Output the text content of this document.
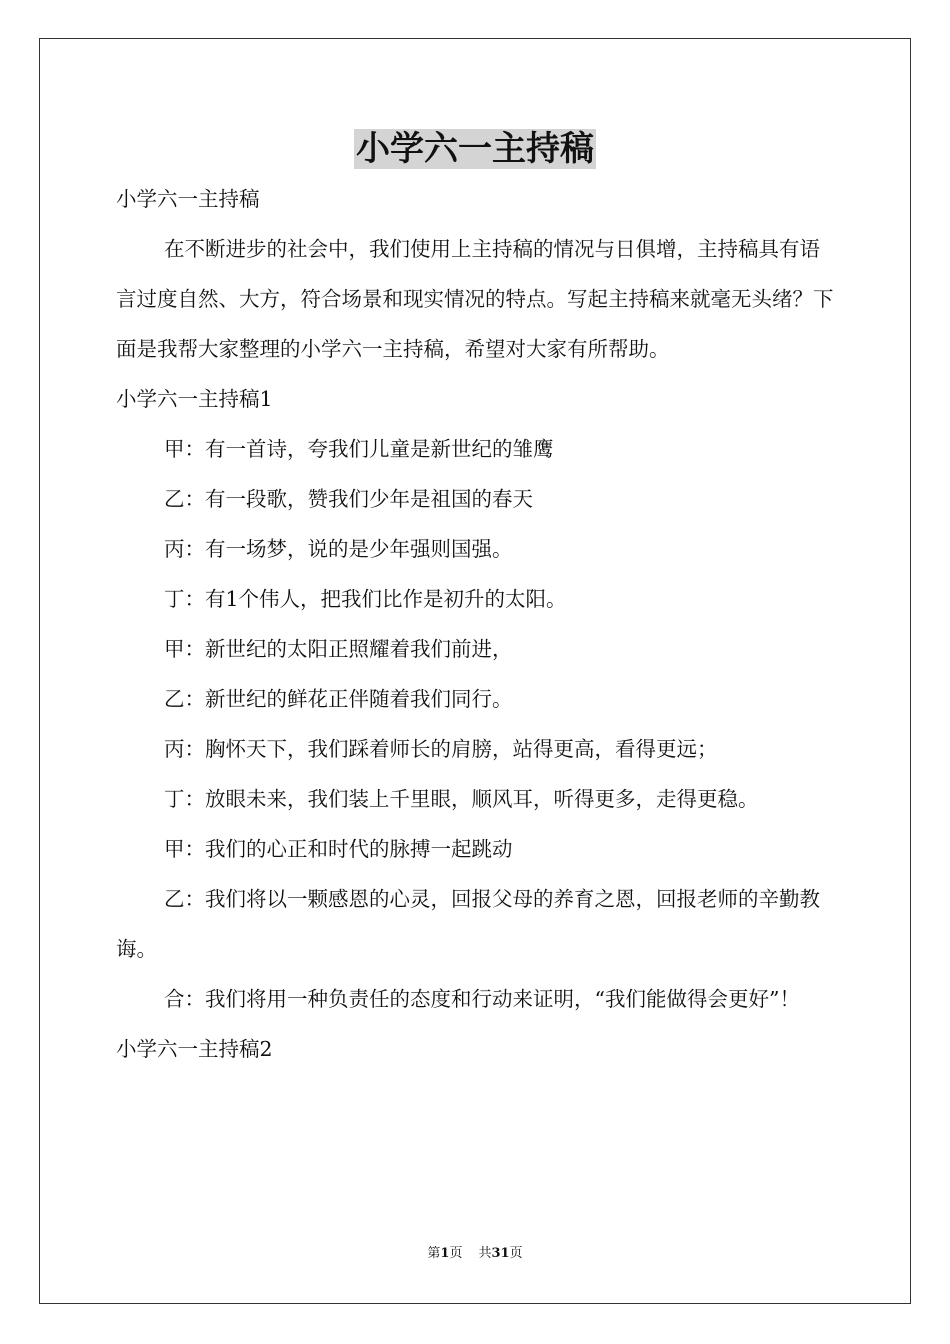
小学六一主持稿

小学六一主持稿

在不断进步的社会中，我们使用上主持稿的情况与日俱增，主持稿具有语言过度自然、大方，符合场景和现实情况的特点。写起主持稿来就毫无头绪？下面是我帮大家整理的小学六一主持稿，希望对大家有所帮助。

小学六一主持稿1

甲：有一首诗，夸我们儿童是新世纪的雏鹰

乙：有一段歌，赞我们少年是祖国的春天

丙：有一场梦，说的是少年强则国强。

丁：有1个伟人，把我们比作是初升的太阳。

甲：新世纪的太阳正照耀着我们前进，

乙：新世纪的鲜花正伴随着我们同行。

丙：胸怀天下，我们踩着师长的肩膀，站得更高，看得更远；

丁：放眼未来，我们装上千里眼，顺风耳，听得更多，走得更稳。

甲：我们的心正和时代的脉搏一起跳动

乙：我们将以一颗感恩的心灵，回报父母的养育之恩，回报老师的辛勤教诲。

合：我们将用一种负责任的态度和行动来证明，“我们能做得会更好”！

小学六一主持稿2

第1页 共31页
